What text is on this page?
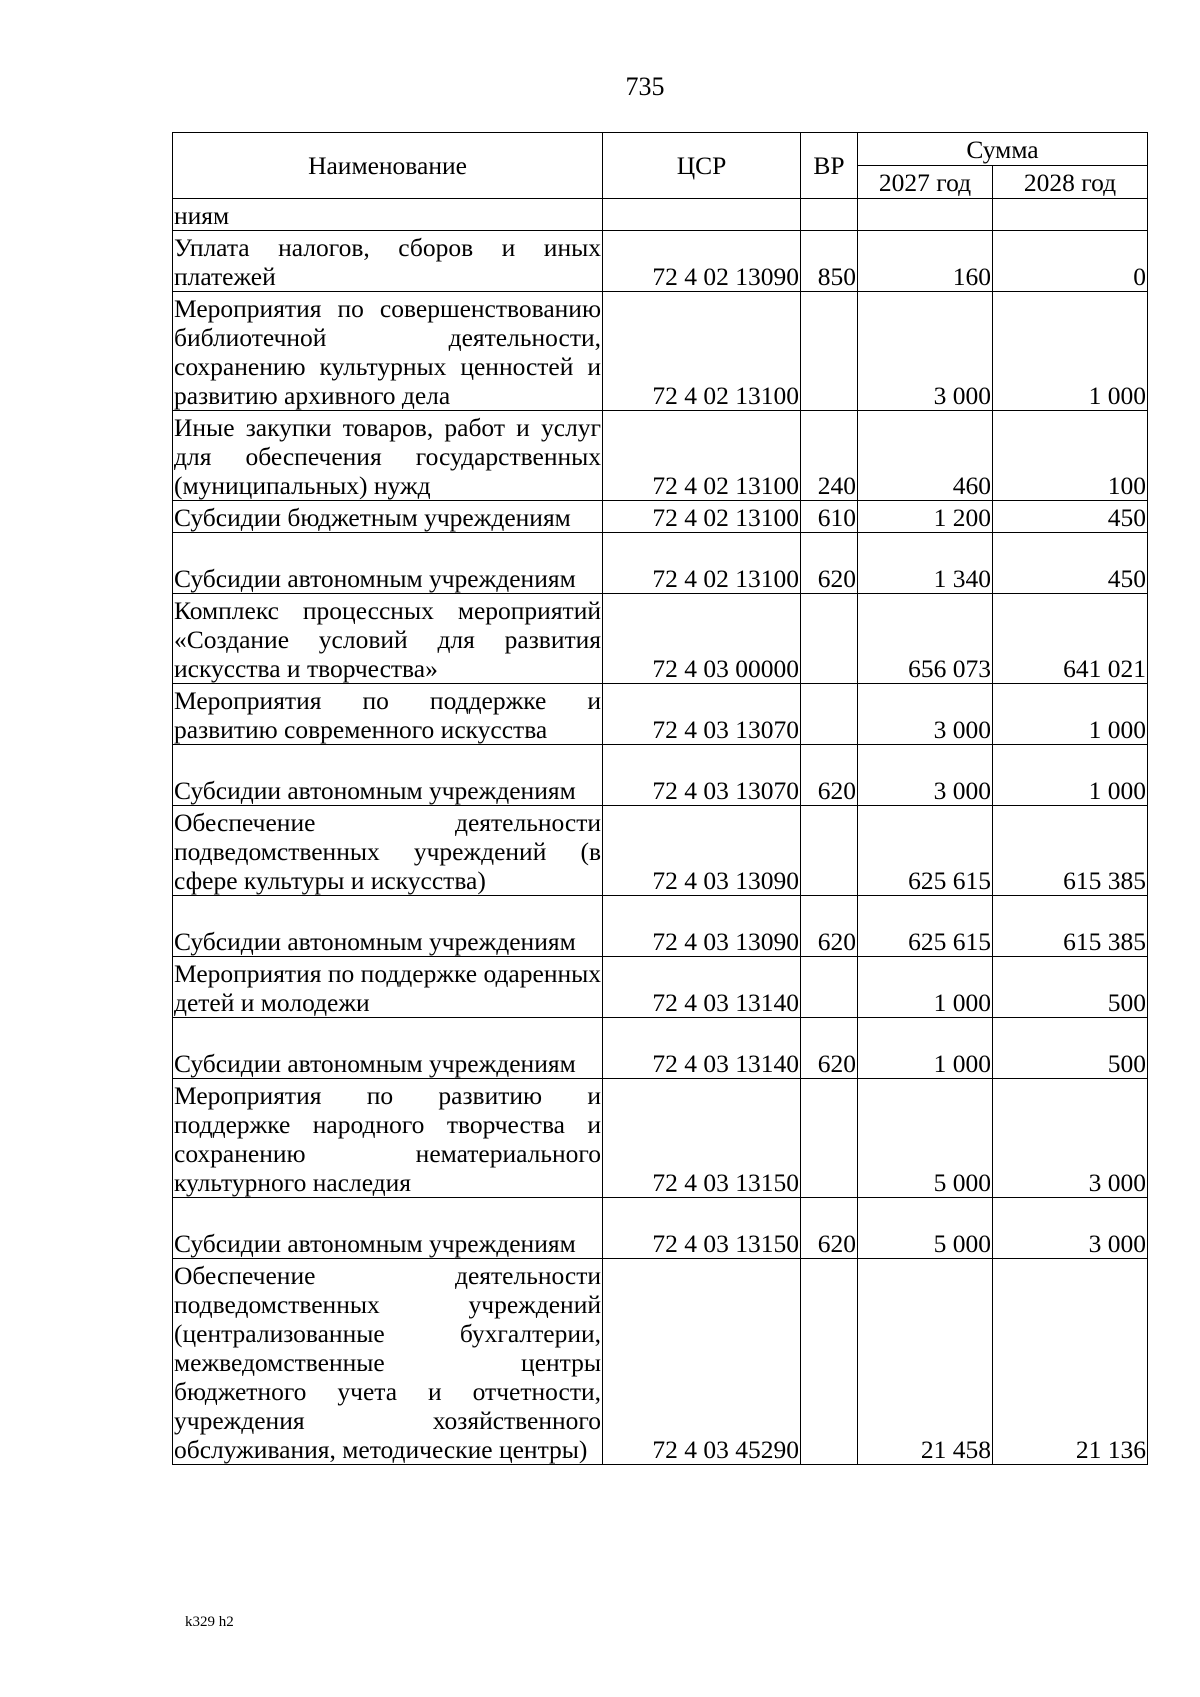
735
Наименование	ЦСР	ВР	Сумма	
			2027 год	2028 год
ниям				
Уплата налогов, сборов и иных платежей	72 4 02 13090	850	160	0
Мероприятия по совершенствованию библиотечной деятельности, сохранению культурных ценностей и развитию архивного дела	72 4 02 13100		3 000	1 000
Иные закупки товаров, работ и услуг для обеспечения государственных (муниципальных) нужд	72 4 02 13100	240	460	100
Субсидии бюджетным учреждениям	72 4 02 13100	610	1 200	450
Субсидии автономным учреждениям	72 4 02 13100	620	1 340	450
Комплекс процессных мероприятий «Создание условий для развития искусства и творчества»	72 4 03 00000		656 073	641 021
Мероприятия по поддержке и развитию современного искусства	72 4 03 13070		3 000	1 000
Субсидии автономным учреждениям	72 4 03 13070	620	3 000	1 000
Обеспечение деятельности подведомственных учреждений (в сфере культуры и искусства)	72 4 03 13090		625 615	615 385
Субсидии автономным учреждениям	72 4 03 13090	620	625 615	615 385
Мероприятия по поддержке одаренных детей и молодежи	72 4 03 13140		1 000	500
Субсидии автономным учреждениям	72 4 03 13140	620	1 000	500
Мероприятия по развитию и поддержке народного творчества и сохранению нематериального культурного наследия	72 4 03 13150		5 000	3 000
Субсидии автономным учреждениям	72 4 03 13150	620	5 000	3 000
Обеспечение деятельности подведомственных учреждений (централизованные бухгалтерии, межведомственные центры бюджетного учета и отчетности, учреждения хозяйственного обслуживания, методические центры)	72 4 03 45290		21 458	21 136
k329 h2
